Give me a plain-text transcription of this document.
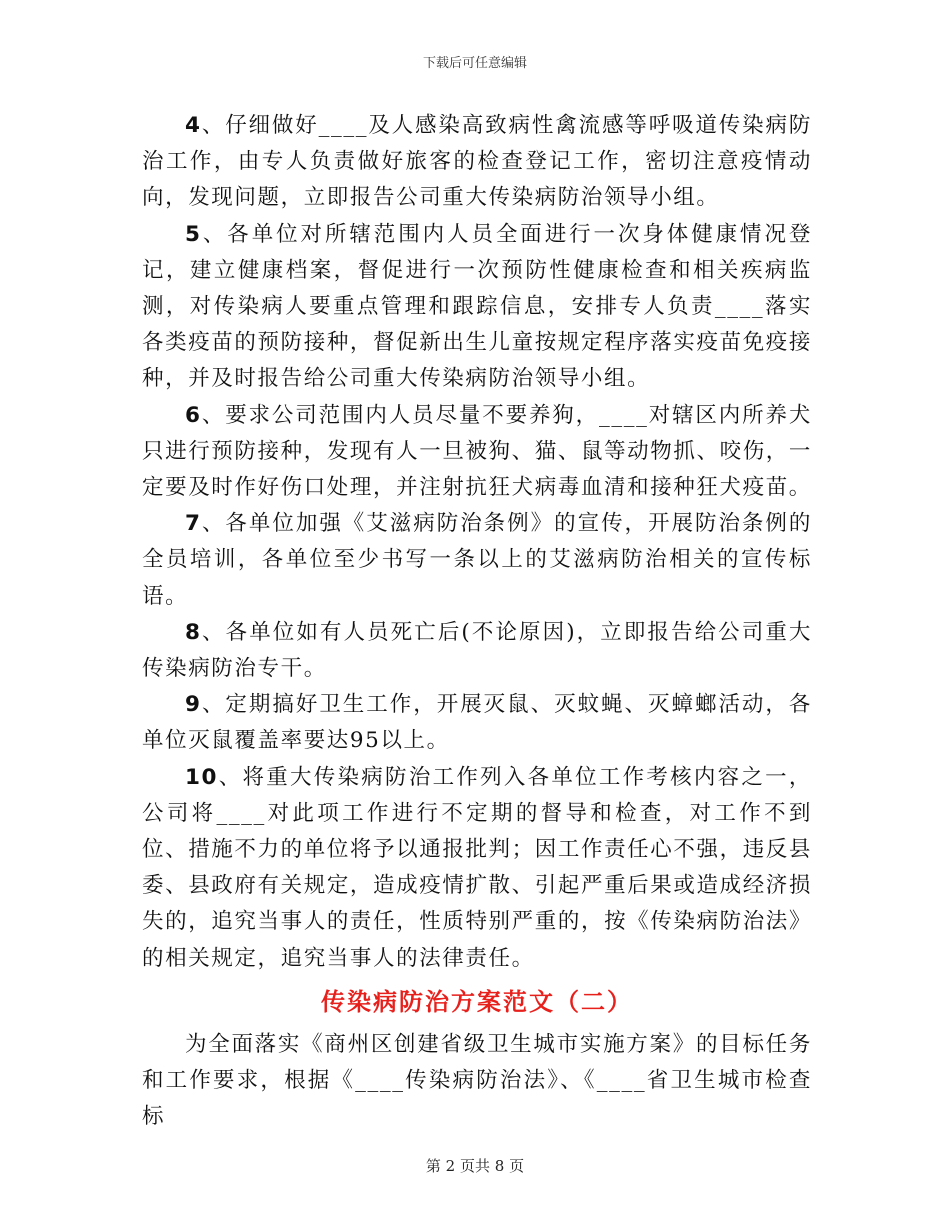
下载后可任意编辑

4、仔细做好____及人感染高致病性禽流感等呼吸道传染病防治工作，由专人负责做好旅客的检查登记工作，密切注意疫情动向，发现问题，立即报告公司重大传染病防治领导小组。

5、各单位对所辖范围内人员全面进行一次身体健康情况登记，建立健康档案，督促进行一次预防性健康检查和相关疾病监测，对传染病人要重点管理和跟踪信息，安排专人负责____落实各类疫苗的预防接种，督促新出生儿童按规定程序落实疫苗免疫接种，并及时报告给公司重大传染病防治领导小组。

6、要求公司范围内人员尽量不要养狗，____对辖区内所养犬只进行预防接种，发现有人一旦被狗、猫、鼠等动物抓、咬伤，一定要及时作好伤口处理，并注射抗狂犬病毒血清和接种狂犬疫苗。

7、各单位加强《艾滋病防治条例》的宣传，开展防治条例的全员培训，各单位至少书写一条以上的艾滋病防治相关的宣传标语。

8、各单位如有人员死亡后(不论原因)，立即报告给公司重大传染病防治专干。

9、定期搞好卫生工作，开展灭鼠、灭蚊蝇、灭蟑螂活动，各单位灭鼠覆盖率要达95以上。

10、将重大传染病防治工作列入各单位工作考核内容之一，公司将____对此项工作进行不定期的督导和检查，对工作不到位、措施不力的单位将予以通报批判；因工作责任心不强，违反县委、县政府有关规定，造成疫情扩散、引起严重后果或造成经济损失的，追究当事人的责任，性质特别严重的，按《传染病防治法》的相关规定，追究当事人的法律责任。

传染病防治方案范文（二）

为全面落实《商州区创建省级卫生城市实施方案》的目标任务和工作要求，根据《____传染病防治法》、《____省卫生城市检查标

第 2 页共 8 页
